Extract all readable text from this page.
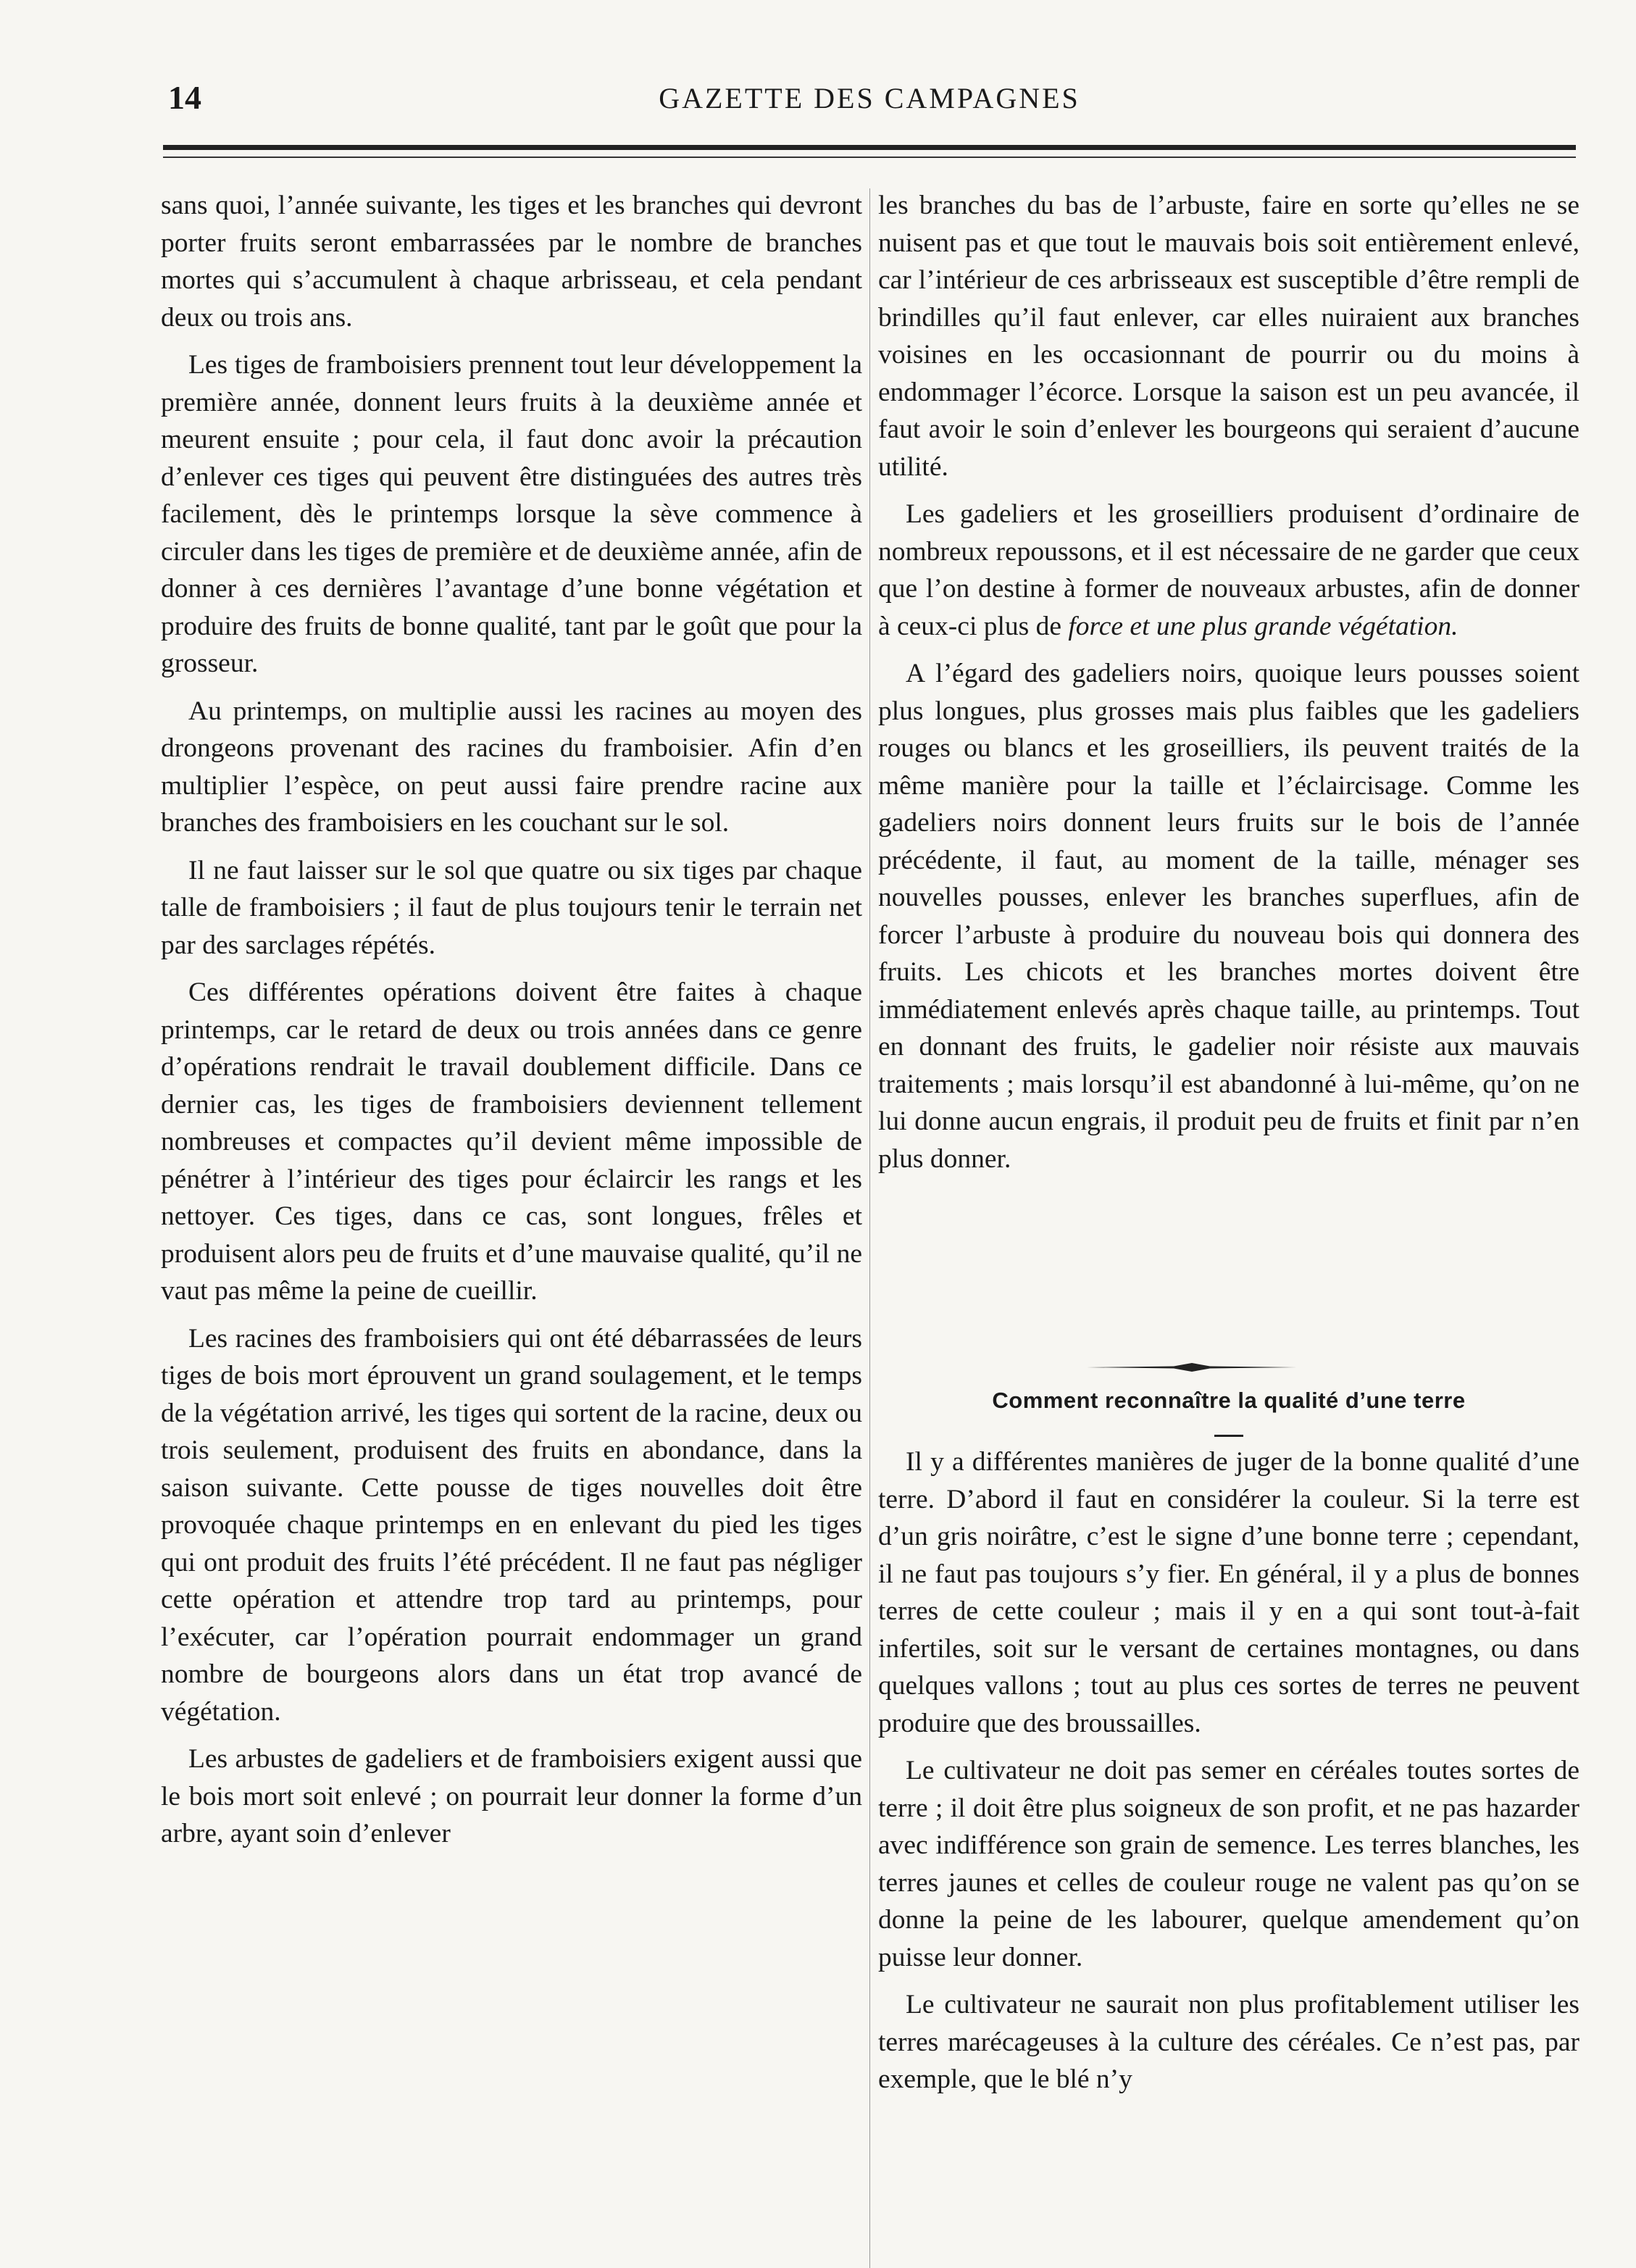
14	GAZETTE DES CAMPAGNES

sans quoi, l’année suivante, les tiges et les branches qui devront porter fruits seront embarrassées par le nombre de branches mortes qui s’accumulent à chaque arbrisseau, et cela pendant deux ou trois ans.

Les tiges de framboisiers prennent tout leur développement la première année, donnent leurs fruits à la deuxième année et meurent ensuite ; pour cela, il faut donc avoir la précaution d’enlever ces tiges qui peuvent être distinguées des autres très facilement, dès le printemps lorsque la sève commence à circuler dans les tiges de première et de deuxième année, afin de donner à ces dernières l’avantage d’une bonne végétation et produire des fruits de bonne qualité, tant par le goût que pour la grosseur.

Au printemps, on multiplie aussi les racines au moyen des drongeons provenant des racines du framboisier. Afin d’en multiplier l’espèce, on peut aussi faire prendre racine aux branches des framboisiers en les couchant sur le sol.

Il ne faut laisser sur le sol que quatre ou six tiges par chaque talle de framboisiers ; il faut de plus toujours tenir le terrain net par des sarclages répétés.

Ces différentes opérations doivent être faites à chaque printemps, car le retard de deux ou trois années dans ce genre d’opérations rendrait le travail doublement difficile. Dans ce dernier cas, les tiges de framboisiers deviennent tellement nombreuses et compactes qu’il devient même impossible de pénétrer à l’intérieur des tiges pour éclaircir les rangs et les nettoyer. Ces tiges, dans ce cas, sont longues, frêles et produisent alors peu de fruits et d’une mauvaise qualité, qu’il ne vaut pas même la peine de cueillir.

Les racines des framboisiers qui ont été débarrassées de leurs tiges de bois mort éprouvent un grand soulagement, et le temps de la végétation arrivé, les tiges qui sortent de la racine, deux ou trois seulement, produisent des fruits en abondance, dans la saison suivante. Cette pousse de tiges nouvelles doit être provoquée chaque printemps en en enlevant du pied les tiges qui ont produit des fruits l’été précédent. Il ne faut pas négliger cette opération et attendre trop tard au printemps, pour l’exécuter, car l’opération pourrait endommager un grand nombre de bourgeons alors dans un état trop avancé de végétation.

Les arbustes de gadeliers et de framboisiers exigent aussi que le bois mort soit enlevé ; on pourrait leur donner la forme d’un arbre, ayant soin d’enlever

les branches du bas de l’arbuste, faire en sorte qu’elles ne se nuisent pas et que tout le mauvais bois soit entièrement enlevé, car l’intérieur de ces arbrisseaux est susceptible d’être rempli de brindilles qu’il faut enlever, car elles nuiraient aux branches voisines en les occasionnant de pourrir ou du moins à endommager l’écorce. Lorsque la saison est un peu avancée, il faut avoir le soin d’enlever les bourgeons qui seraient d’aucune utilité.

Les gadeliers et les groseilliers produisent d’ordinaire de nombreux repoussons, et il est nécessaire de ne garder que ceux que l’on destine à former de nouveaux arbustes, afin de donner à ceux-ci plus de force et une plus grande végétation.

A l’égard des gadeliers noirs, quoique leurs pousses soient plus longues, plus grosses mais plus faibles que les gadeliers rouges ou blancs et les groseilliers, ils peuvent traités de la même manière pour la taille et l’éclaircisage. Comme les gadeliers noirs donnent leurs fruits sur le bois de l’année précédente, il faut, au moment de la taille, ménager ses nouvelles pousses, enlever les branches superflues, afin de forcer l’arbuste à produire du nouveau bois qui donnera des fruits. Les chicots et les branches mortes doivent être immédiatement enlevés après chaque taille, au printemps. Tout en donnant des fruits, le gadelier noir résiste aux mauvais traitements ; mais lorsqu’il est abandonné à lui-même, qu’on ne lui donne aucun engrais, il produit peu de fruits et finit par n’en plus donner.

Comment reconnaître la qualité d’une terre

Il y a différentes manières de juger de la bonne qualité d’une terre. D’abord il faut en considérer la couleur. Si la terre est d’un gris noirâtre, c’est le signe d’une bonne terre ; cependant, il ne faut pas toujours s’y fier. En général, il y a plus de bonnes terres de cette couleur ; mais il y en a qui sont tout-à-fait infertiles, soit sur le versant de certaines montagnes, ou dans quelques vallons ; tout au plus ces sortes de terres ne peuvent produire que des broussailles.

Le cultivateur ne doit pas semer en céréales toutes sortes de terre ; il doit être plus soigneux de son profit, et ne pas hazarder avec indifférence son grain de semence. Les terres blanches, les terres jaunes et celles de couleur rouge ne valent pas qu’on se donne la peine de les labourer, quelque amendement qu’on puisse leur donner.

Le cultivateur ne saurait non plus profitablement utiliser les terres marécageuses à la culture des céréales. Ce n’est pas, par exemple, que le blé n’y
